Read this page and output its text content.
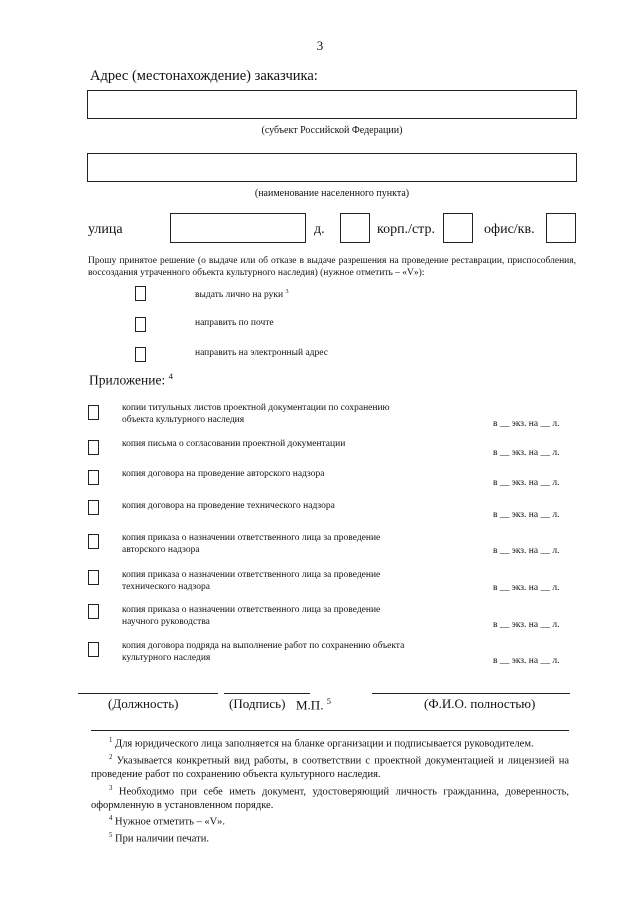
3
Адрес (местонахождение) заказчика:
(субъект Российской Федерации)
(наименование населенного пункта)
улица	д.	корп./стр.	офис/кв.
Прошу принятое решение (о выдаче или об отказе в выдаче разрешения на проведение реставрации, приспособления, воссоздания утраченного объекта культурного наследия) (нужное отметить – «V»):
выдать лично на руки $^3$
направить по почте
направить на электронный адрес
Приложение: $^4$
копии титульных листов проектной документации по сохранению
объекта культурного наследия	в __ экз. на __ л.
копия письма о согласовании проектной документации
в __ экз. на __ л.
копия договора на проведение авторского надзора
в __ экз. на __ л.
копия договора на проведение технического надзора
в __ экз. на __ л.
копия приказа о назначении ответственного лица за проведение
авторского надзора	в __ экз. на __ л.
копия приказа о назначении ответственного лица за проведение
технического надзора	в __ экз. на __ л.
копия приказа о назначении ответственного лица за проведение
научного руководства	в __ экз. на __ л.
копия договора подряда на выполнение работ по сохранению объекта
культурного наследия	в __ экз. на __ л.
(Должность)	(Подпись) М.П. $^5$	(Ф.И.О. полностью)
$^1$ Для юридического лица заполняется на бланке организации и подписывается руководителем.
$^2$ Указывается конкретный вид работы, в соответствии с проектной документацией и лицензией на проведение работ по сохранению объекта культурного наследия.
$^3$ Необходимо при себе иметь документ, удостоверяющий личность гражданина, доверенность, оформленную в установленном порядке.
$^4$ Нужное отметить – «V».
$^5$ При наличии печати.
